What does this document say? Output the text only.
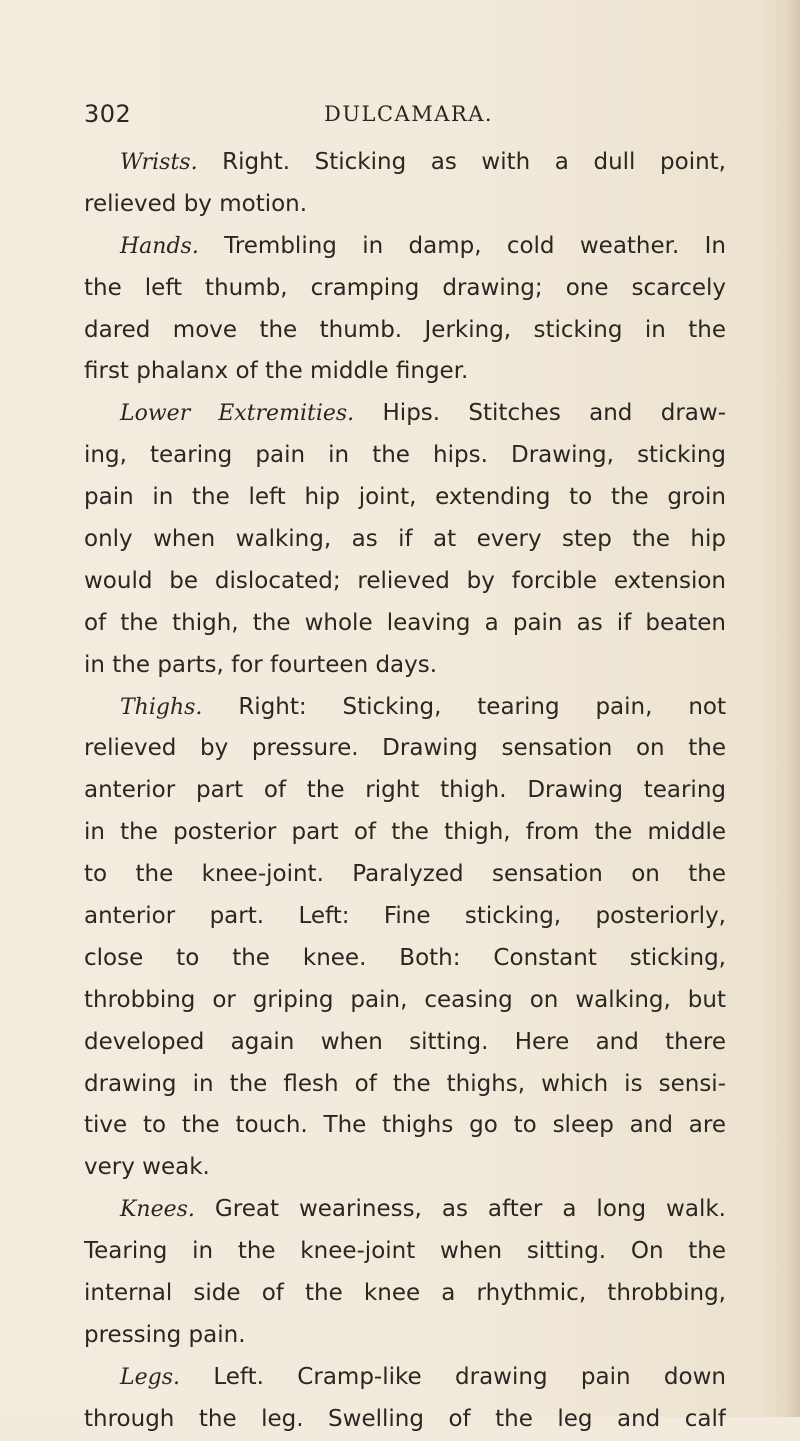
302	DULCAMARA.
Wrists. Right. Sticking as with a dull point,
relieved by motion.
Hands. Trembling in damp, cold weather. In
the left thumb, cramping drawing; one scarcely
dared move the thumb. Jerking, sticking in the
first phalanx of the middle finger.
Lower Extremities. Hips. Stitches and draw-
ing, tearing pain in the hips. Drawing, sticking
pain in the left hip joint, extending to the groin
only when walking, as if at every step the hip
would be dislocated; relieved by forcible extension
of the thigh, the whole leaving a pain as if beaten
in the parts, for fourteen days.
Thighs. Right: Sticking, tearing pain, not
relieved by pressure. Drawing sensation on the
anterior part of the right thigh. Drawing tearing
in the posterior part of the thigh, from the middle
to the knee-joint. Paralyzed sensation on the
anterior part. Left: Fine sticking, posteriorly,
close to the knee. Both: Constant sticking,
throbbing or griping pain, ceasing on walking, but
developed again when sitting. Here and there
drawing in the flesh of the thighs, which is sensi-
tive to the touch. The thighs go to sleep and are
very weak.
Knees. Great weariness, as after a long walk.
Tearing in the knee-joint when sitting. On the
internal side of the knee a rhythmic, throbbing,
pressing pain.
Legs. Left. Cramp-like drawing pain down
through the leg. Swelling of the leg and calf
